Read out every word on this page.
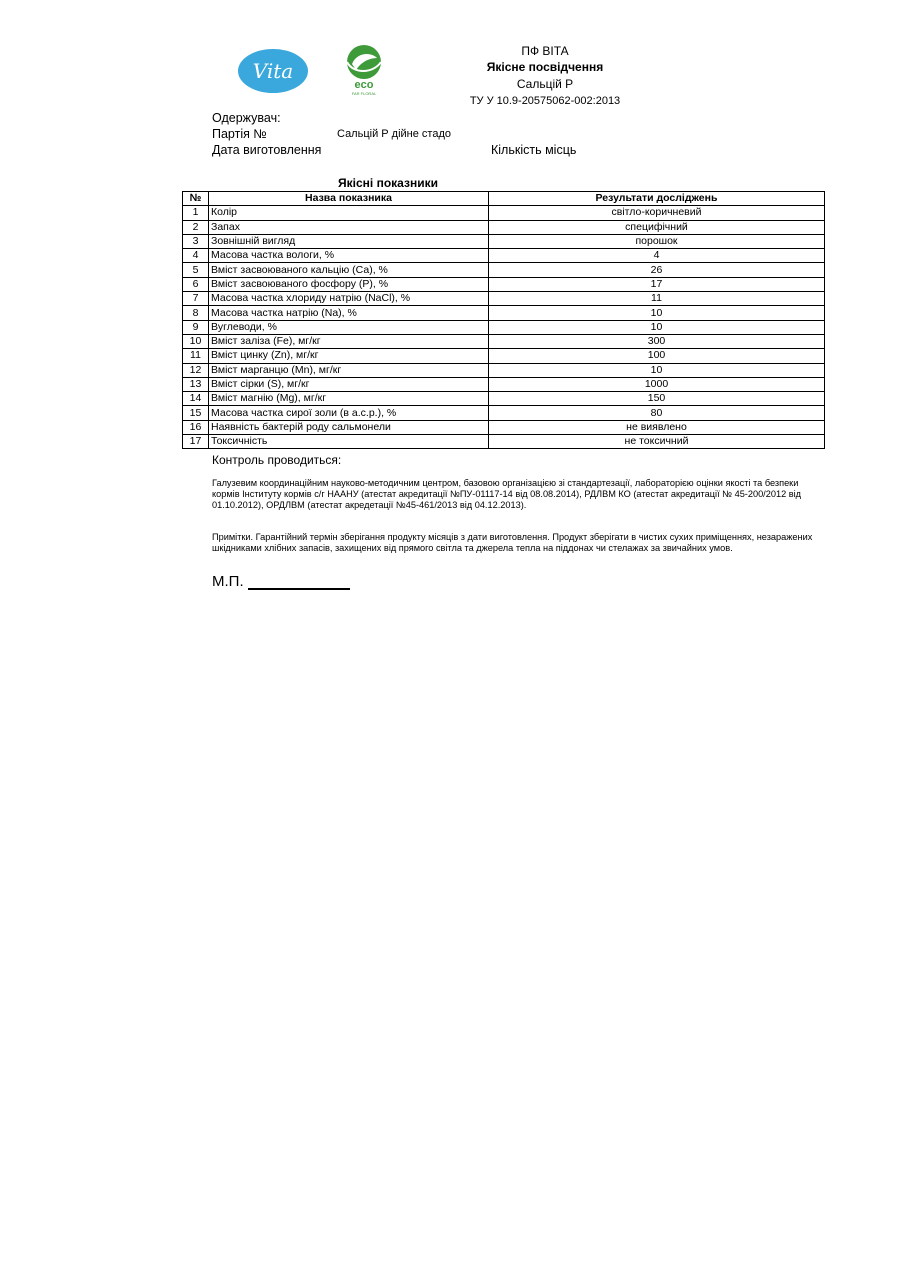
Vita
eco
FAR FLORAL
ПФ ВІТА
Якісне посвідчення
Сальцій Р
ТУ У 10.9-20575062-002:2013
Одержувач:
Партія №	Сальцій Р дійне стадо
Дата виготовлення	Кількість місць
Якісні показники
№	Назва показника	Результати досліджень
1	Колір	світло-коричневий
2	Запах	специфічний
3	Зовнішній вигляд	порошок
4	Масова частка вологи, %	4
5	Вміст засвоюваного кальцію (Са), %	26
6	Вміст засвоюваного фосфору (Р), %	17
7	Масова частка хлориду натрію (NaCl), %	11
8	Масова частка натрію (Na), %	10
9	Вуглеводи, %	10
10	Вміст заліза (Fe), мг/кг	300
11	Вміст цинку (Zn), мг/кг	100
12	Вміст марганцю (Mn), мг/кг	10
13	Вміст сірки (S), мг/кг	1000
14	Вміст магнію (Mg), мг/кг	150
15	Масова частка сирої золи (в а.с.р.), %	80
16	Наявність бактерій роду сальмонели	не виявлено
17	Токсичність	не токсичний
Контроль проводиться:
Галузевим координаційним науково-методичним центром, базовою організацією зі стандартезації, лабораторією оцінки якості та безпеки кормів Інституту кормів с/г НААНУ (атестат акредитації №ПУ-01117-14 від 08.08.2014), РДЛВМ КО (атестат акредитації № 45-200/2012 від 01.10.2012), ОРДЛВМ (атестат акредетації №45-461/2013 від 04.12.2013).
Примітки. Гарантійний термін зберігання продукту місяців з дати виготовлення. Продукт зберігати в чистих сухих приміщеннях, незаражених шкідниками хлібних запасів, захищених від прямого світла та джерела тепла на піддонах чи стелажах за звичайних умов.
М.П.
